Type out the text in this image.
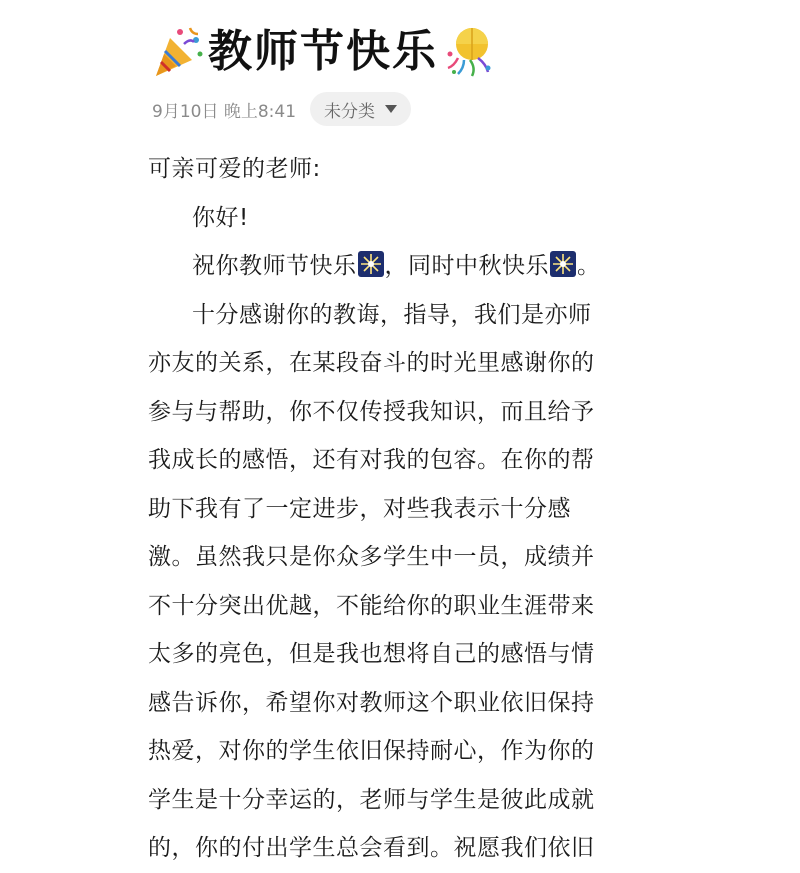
教师节快乐
9月10日 晚上8:41 未分类
可亲可爱的老师:
你好!
祝你教师节快乐 ，同时中秋快乐 。
十分感谢你的教诲，指导，我们是亦师
亦友的关系，在某段奋斗的时光里感谢你的
参与与帮助，你不仅传授我知识，而且给予
我成长的感悟，还有对我的包容。在你的帮
助下我有了一定进步，对些我表示十分感
激。虽然我只是你众多学生中一员，成绩并
不十分突出优越，不能给你的职业生涯带来
太多的亮色，但是我也想将自己的感悟与情
感告诉你，希望你对教师这个职业依旧保持
热爱，对你的学生依旧保持耐心，作为你的
学生是十分幸运的，老师与学生是彼此成就
的，你的付出学生总会看到。祝愿我们依旧
